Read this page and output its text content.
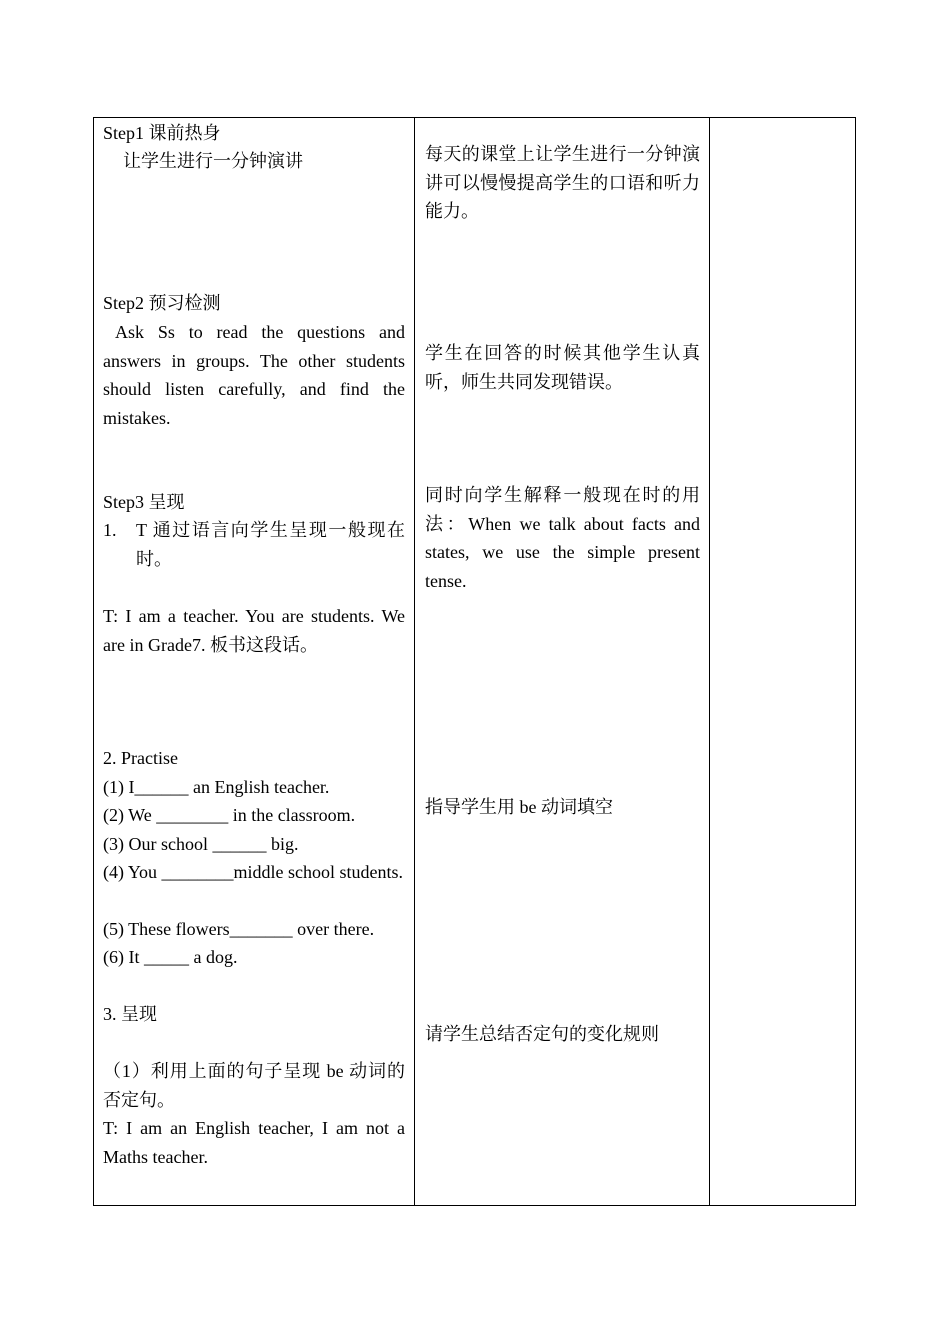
Step1 课前热身
让学生进行一分钟演讲
Step2 预习检测
Ask Ss to read the questions and answers in groups. The other students should listen carefully, and find the mistakes.
Step3 呈现
1. T 通过语言向学生呈现一般现在时。
T: I am a teacher. You are students. We are in Grade7. 板书这段话。
2. Practise
(1) I______ an English teacher.
(2) We ________ in the classroom.
(3) Our school ______ big.
(4) You ________middle school students.
(5) These flowers_______ over there.
(6) It _____ a dog.
3. 呈现
（1）利用上面的句子呈现 be 动词的否定句。
T: I am an English teacher, I am not a Maths teacher.
每天的课堂上让学生进行一分钟演讲可以慢慢提高学生的口语和听力能力。
学生在回答的时候其他学生认真听，师生共同发现错误。
同时向学生解释一般现在时的用法：When we talk about facts and states, we use the simple present tense.
指导学生用 be 动词填空
请学生总结否定句的变化规则
